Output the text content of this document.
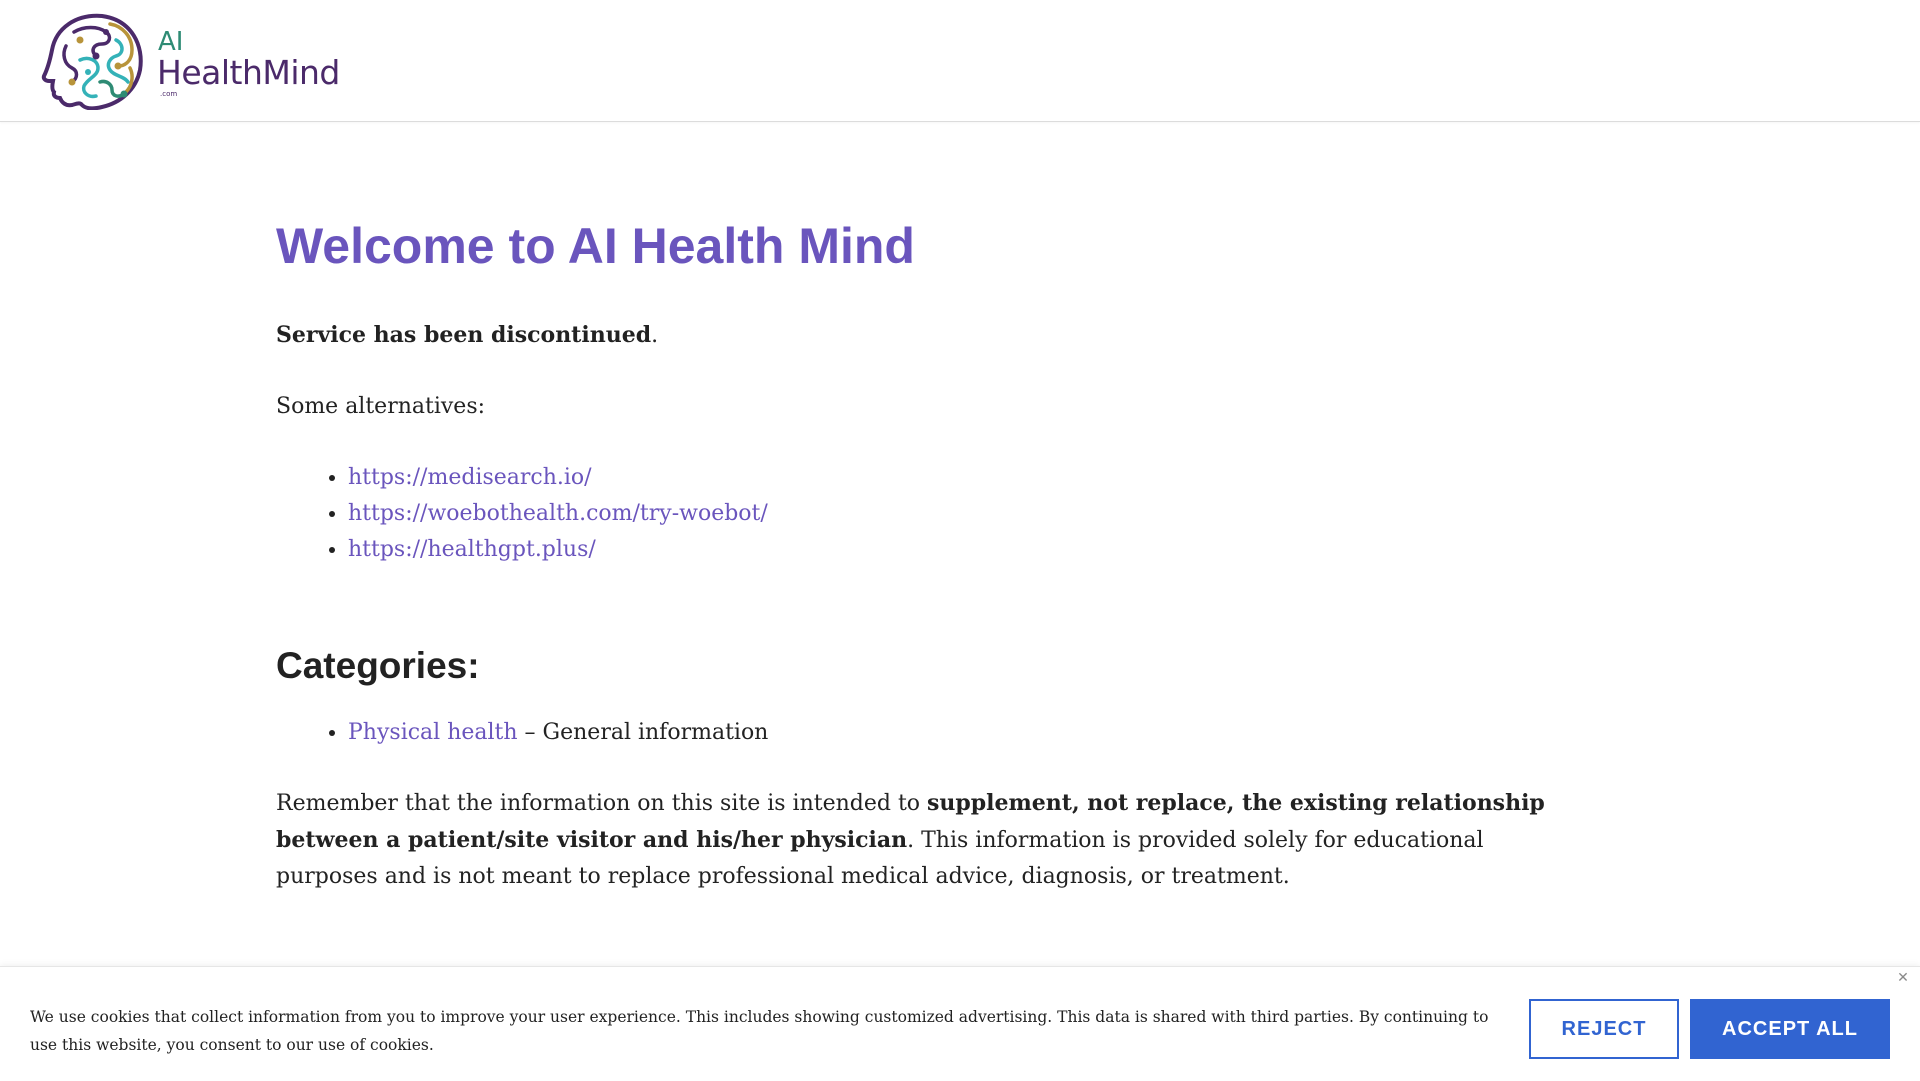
AI
HealthMind
.com
Welcome to AI Health Mind

Service has been discontinued.

Some alternatives:

• https://medisearch.io/
• https://woebothealth.com/try-woebot/
• https://healthgpt.plus/
Categories:
• Physical health – General information

Remember that the information on this site is intended to supplement, not replace, the existing relationship between a patient/site visitor and his/her physician. This information is provided solely for educational purposes and is not meant to replace professional medical advice, diagnosis, or treatment.

✕
We use cookies that collect information from you to improve your user experience. This includes showing customized advertising. This data is shared with third parties. By continuing to use this website, you consent to our use of cookies.
REJECT	ACCEPT ALL
